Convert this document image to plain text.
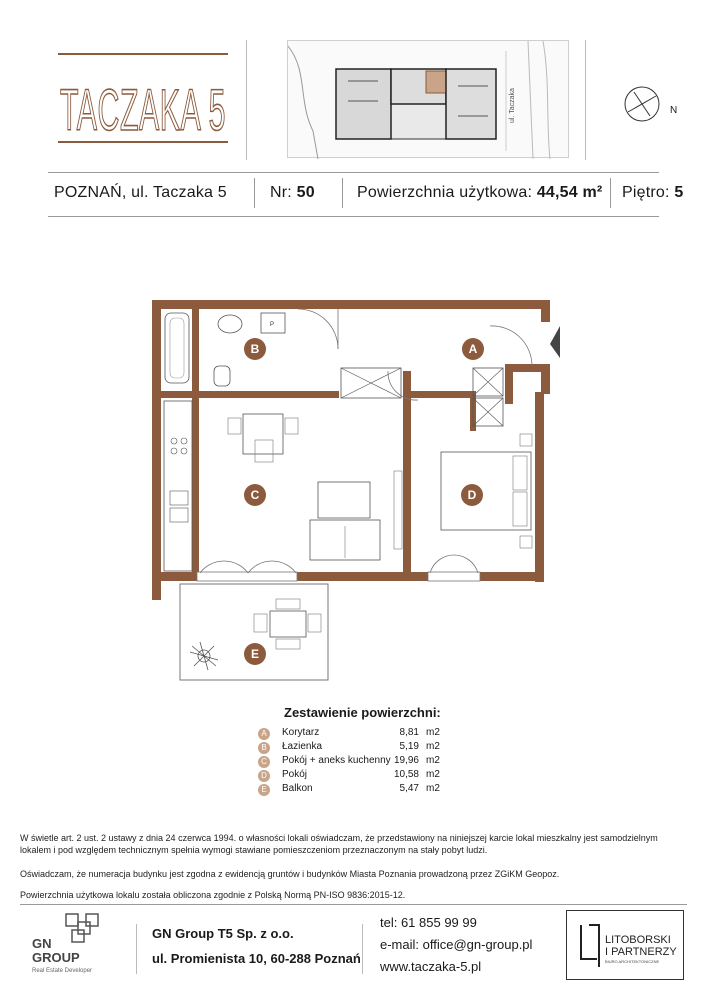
TACZAKA 5	ul. Taczaka	N
POZNAŃ, ul. Taczaka 5	Nr: 50	Powierzchnia użytkowa: 44,54 m² Piętro: 5
P
B	A
C	D
E
Zestawienie powierzchni:
A	Korytarz	8,81 m2
B	Łazienka	5,19 m2
C	Pokój + aneks kuchenny 19,96 m2
D	Pokój	10,58 m2
E	Balkon	5,47 m2
W świetle art. 2 ust. 2 ustawy z dnia 24 czerwca 1994. o własności lokali oświadczam, że przedstawiony na niniejszej karcie lokal mieszkalny jest samodzielnym lokalem i pod względem technicznym spełnia wymogi stawiane pomieszczeniom przeznaczonym na stały pobyt ludzi.
Oświadczam, że numeracja budynku jest zgodna z ewidencją gruntów i budynków Miasta Poznania prowadzoną przez ZGiKM Geopoz.
Powierzchnia użytkowa lokalu została obliczona zgodnie z Polską Normą PN-ISO 9836:2015-12.
GN
GROUP
Real Estate Developer
GN Group T5 Sp. z o.o.
ul. Promienista 10, 60-288 Poznań
tel: 61 855 99 99
e-mail: office@gn-group.pl
www.taczaka-5.pl
LITOBORSKI
I PARTNERZY
BIURO ARCHITEKTONICZNE
